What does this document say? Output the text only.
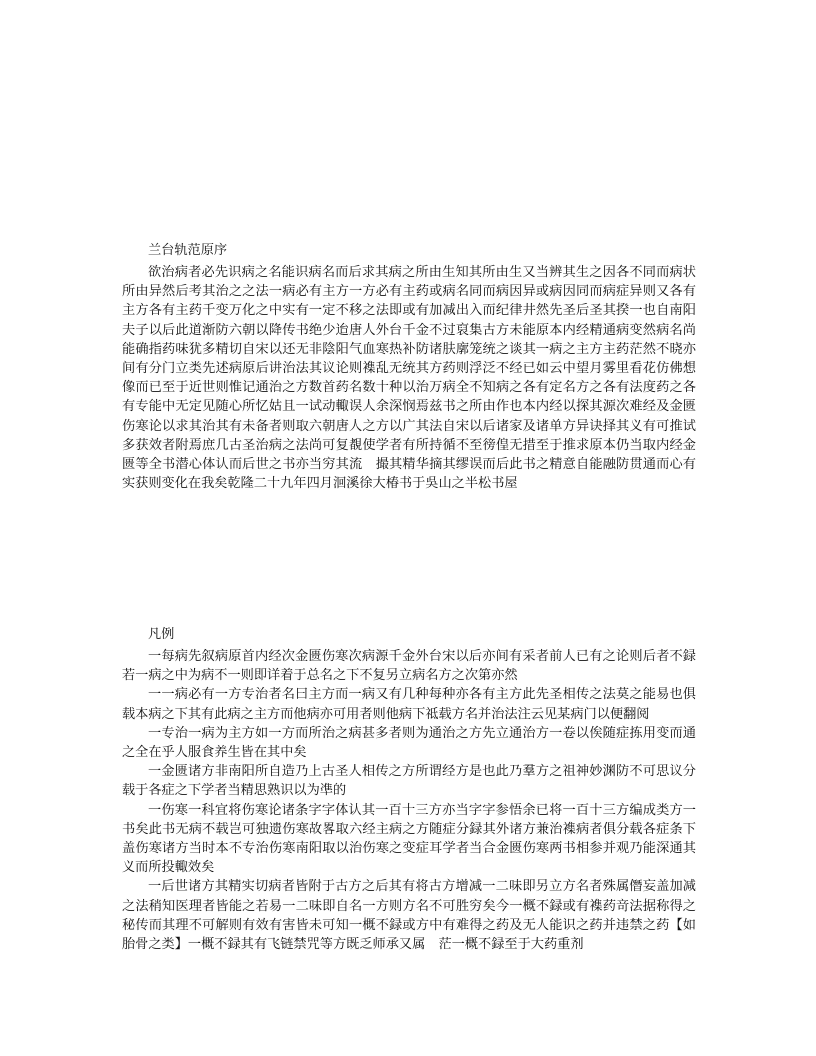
兰台轨范原序

欲治病者必先识病之名能识病名而后求其病之所由生知其所由生又当辨其生之因各不同而病状所由异然后考其治之之法一病必有主方一方必有主药或病名同而病因异或病因同而病症异则又各有主方各有主药千变万化之中实有一定不移之法即或有加减出入而纪律井然先圣后圣其揆一也自南阳夫子以后此道渐防六朝以降传书绝少迨唐人外台千金不过裒集古方未能原本内经精通病变然病名尚能确指药味犹多精切自宋以还无非陰阳气血寒热补防诸肤廓笼统之谈其一病之主方主药茫然不晓亦间有分门立类先述病原后讲治法其议论则襍乱无统其方药则浮泛不经已如云中望月雾里看花仿佛想像而已至于近世则惟记通治之方数首药名数十种以治万病全不知病之各有定名方之各有法度药之各有专能中无定见随心所忆姑且一试动輙误人余深悯焉兹书之所由作也本内经以探其源次难经及金匮伤寒论以求其治其有未备者则取六朝唐人之方以广其法自宋以后诸家及诸单方异诀择其义有可推试多获效者附焉庶几古圣治病之法尚可复覩使学者有所持循不至徬偟无措至于推求原本仍当取内经金匮等全书潜心体认而后世之书亦当穷其流　撮其精华摘其缪误而后此书之精意自能融防贯通而心有实获则变化在我矣乾隆二十九年四月洄溪徐大椿书于吳山之半松书屋

凡例

一每病先叙病原首内经次金匮伤寒次病源千金外台宋以后亦间有采者前人已有之论则后者不録若一病之中为病不一则即详着于总名之下不复另立病名方之次第亦然

一一病必有一方专治者名曰主方而一病又有几种每种亦各有主方此先圣相传之法莫之能易也俱载本病之下其有此病之主方而他病亦可用者则他病下祗载方名并治法注云见某病门以便翻阅

一专治一病为主方如一方而所治之病甚多者则为通治之方先立通治方一卷以俟随症拣用变而通之全在乎人服食养生皆在其中矣

一金匮诸方非南阳所自造乃上古圣人相传之方所谓经方是也此乃羣方之祖神妙渊防不可思议分载于各症之下学者当精思熟识以为凖的

一伤寒一科宜将伤寒论诸条字字体认其一百十三方亦当字字参悟余已将一百十三方编成类方一书矣此书无病不载岂可独遗伤寒故畧取六经主病之方随症分録其外诸方兼治襍病者俱分载各症条下盖伤寒诸方当时本不专治伤寒南阳取以治伤寒之变症耳学者当合金匮伤寒两书相参并观乃能深通其义而所投輙效矣

一后世诸方其精实切病者皆附于古方之后其有将古方增减一二味即另立方名者殊属僭妄盖加减之法稍知医理者皆能之若易一二味即自名一方则方名不可胜穷矣今一概不録或有襍药竒法据称得之秘传而其理不可解则有效有害皆未可知一概不録或方中有难得之药及无人能识之药并违禁之药【如胎骨之类】一概不録其有飞链禁咒等方既乏师承又属　茫一概不録至于大药重剂
